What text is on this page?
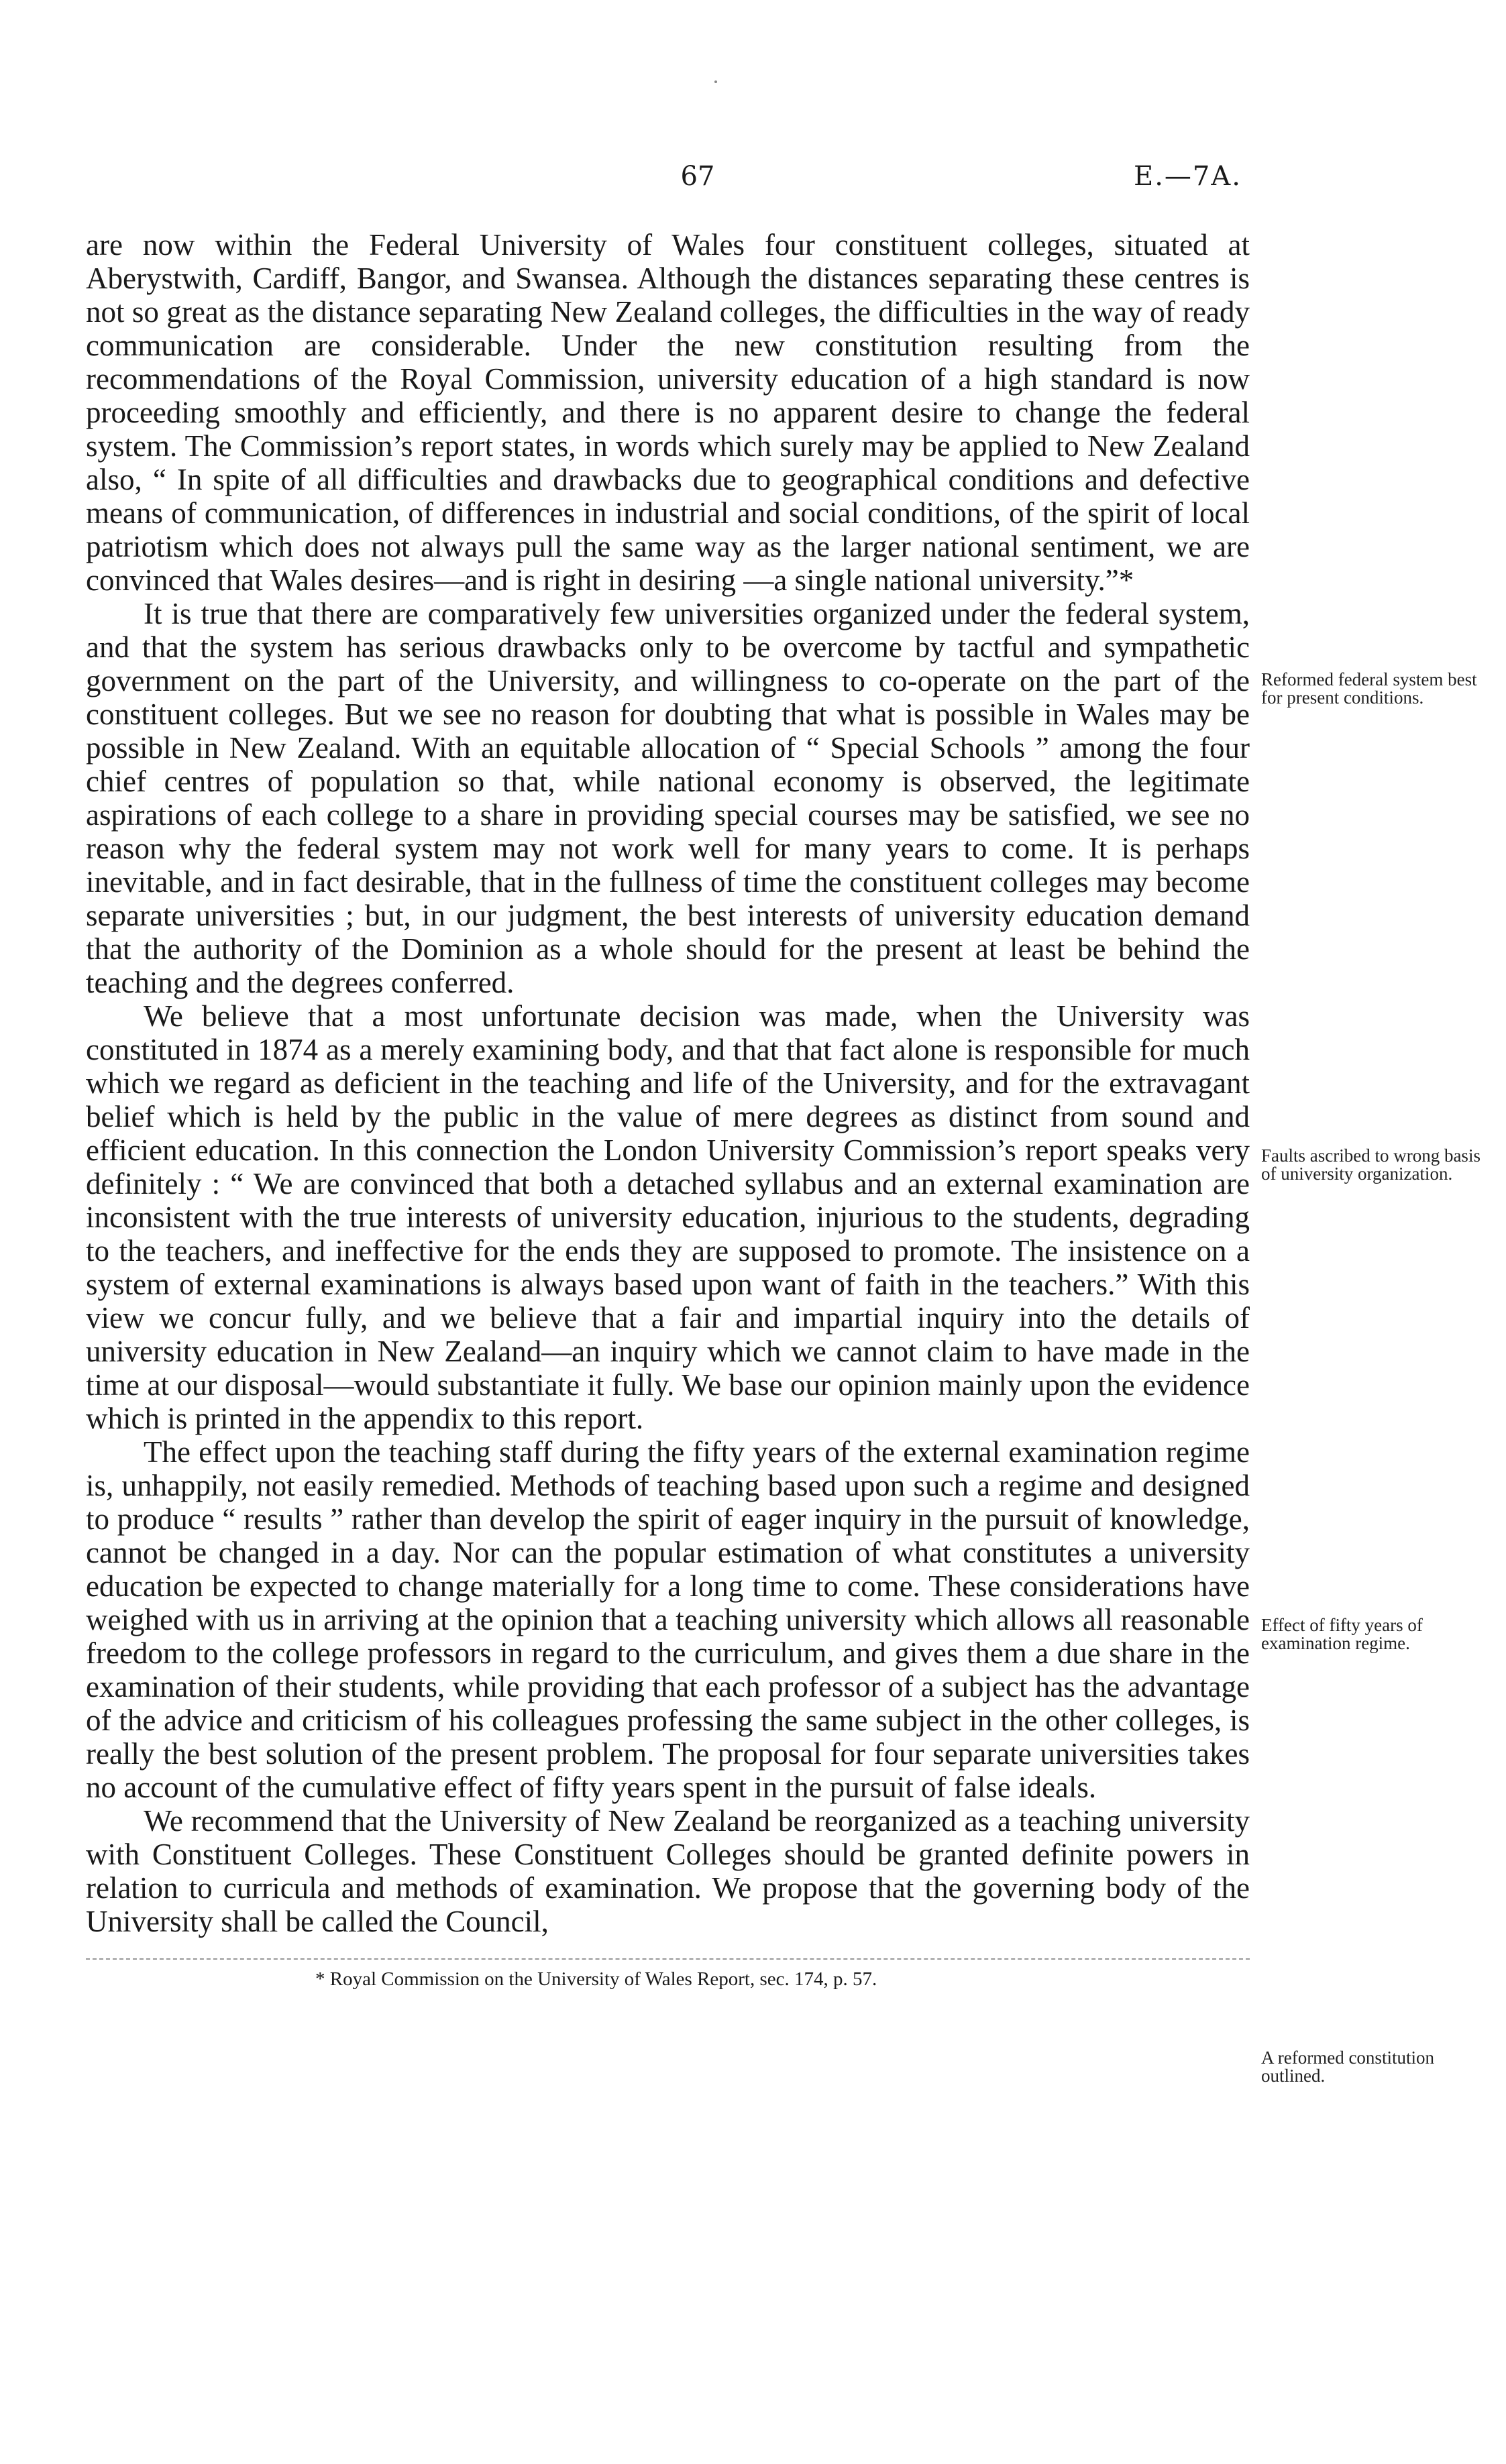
67	E.—7A.

are now within the Federal University of Wales four constituent colleges, situated at Aberystwith, Cardiff, Bangor, and Swansea. Although the distances separating these centres is not so great as the distance separating New Zealand colleges, the difficulties in the way of ready communication are considerable. Under the new constitution resulting from the recommendations of the Royal Commission, university education of a high standard is now proceeding smoothly and efficiently, and there is no apparent desire to change the federal system. The Commission’s report states, in words which surely may be applied to New Zealand also, “ In spite of all difficulties and drawbacks due to geographical conditions and defective means of communication, of differences in industrial and social conditions, of the spirit of local patriotism which does not always pull the same way as the larger national sentiment, we are convinced that Wales desires—and is right in desiring —a single national university.”*

It is true that there are comparatively few universities organized under the federal system, and that the system has serious drawbacks only to be overcome by tactful and sympathetic government on the part of the University, and willingness to co-operate on the part of the constituent colleges. But we see no reason for doubting that what is possible in Wales may be possible in New Zealand. With an equitable allocation of “ Special Schools ” among the four chief centres of population so that, while national economy is observed, the legitimate aspirations of each college to a share in providing special courses may be satisfied, we see no reason why the federal system may not work well for many years to come. It is perhaps inevitable, and in fact desirable, that in the fullness of time the constituent colleges may become separate universities ; but, in our judgment, the best interests of university education demand that the authority of the Dominion as a whole should for the present at least be behind the teaching and the degrees conferred.

We believe that a most unfortunate decision was made, when the University was constituted in 1874 as a merely examining body, and that that fact alone is responsible for much which we regard as deficient in the teaching and life of the University, and for the extravagant belief which is held by the public in the value of mere degrees as distinct from sound and efficient education. In this connection the London University Commission’s report speaks very definitely : “ We are convinced that both a detached syllabus and an external examination are inconsistent with the true interests of university education, injurious to the students, degrading to the teachers, and ineffective for the ends they are supposed to promote. The insistence on a system of external examinations is always based upon want of faith in the teachers.” With this view we concur fully, and we believe that a fair and impartial inquiry into the details of university education in New Zealand—an inquiry which we cannot claim to have made in the time at our disposal—would substantiate it fully. We base our opinion mainly upon the evidence which is printed in the appendix to this report.

The effect upon the teaching staff during the fifty years of the external examination regime is, unhappily, not easily remedied. Methods of teaching based upon such a regime and designed to produce “ results ” rather than develop the spirit of eager inquiry in the pursuit of knowledge, cannot be changed in a day. Nor can the popular estimation of what constitutes a university education be expected to change materially for a long time to come. These considerations have weighed with us in arriving at the opinion that a teaching university which allows all reasonable freedom to the college professors in regard to the curriculum, and gives them a due share in the examination of their students, while providing that each professor of a subject has the advantage of the advice and criticism of his colleagues professing the same subject in the other colleges, is really the best solution of the present problem. The proposal for four separate universities takes no account of the cumulative effect of fifty years spent in the pursuit of false ideals.

We recommend that the University of New Zealand be reorganized as a teaching university with Constituent Colleges. These Constituent Colleges should be granted definite powers in relation to curricula and methods of examination. We propose that the governing body of the University shall be called the Council,

Reformed federal system best for present conditions.
Faults ascribed to wrong basis of university organization.
Effect of fifty years of examination regime.
A reformed constitution outlined.
* Royal Commission on the University of Wales Report, sec. 174, p. 57.
